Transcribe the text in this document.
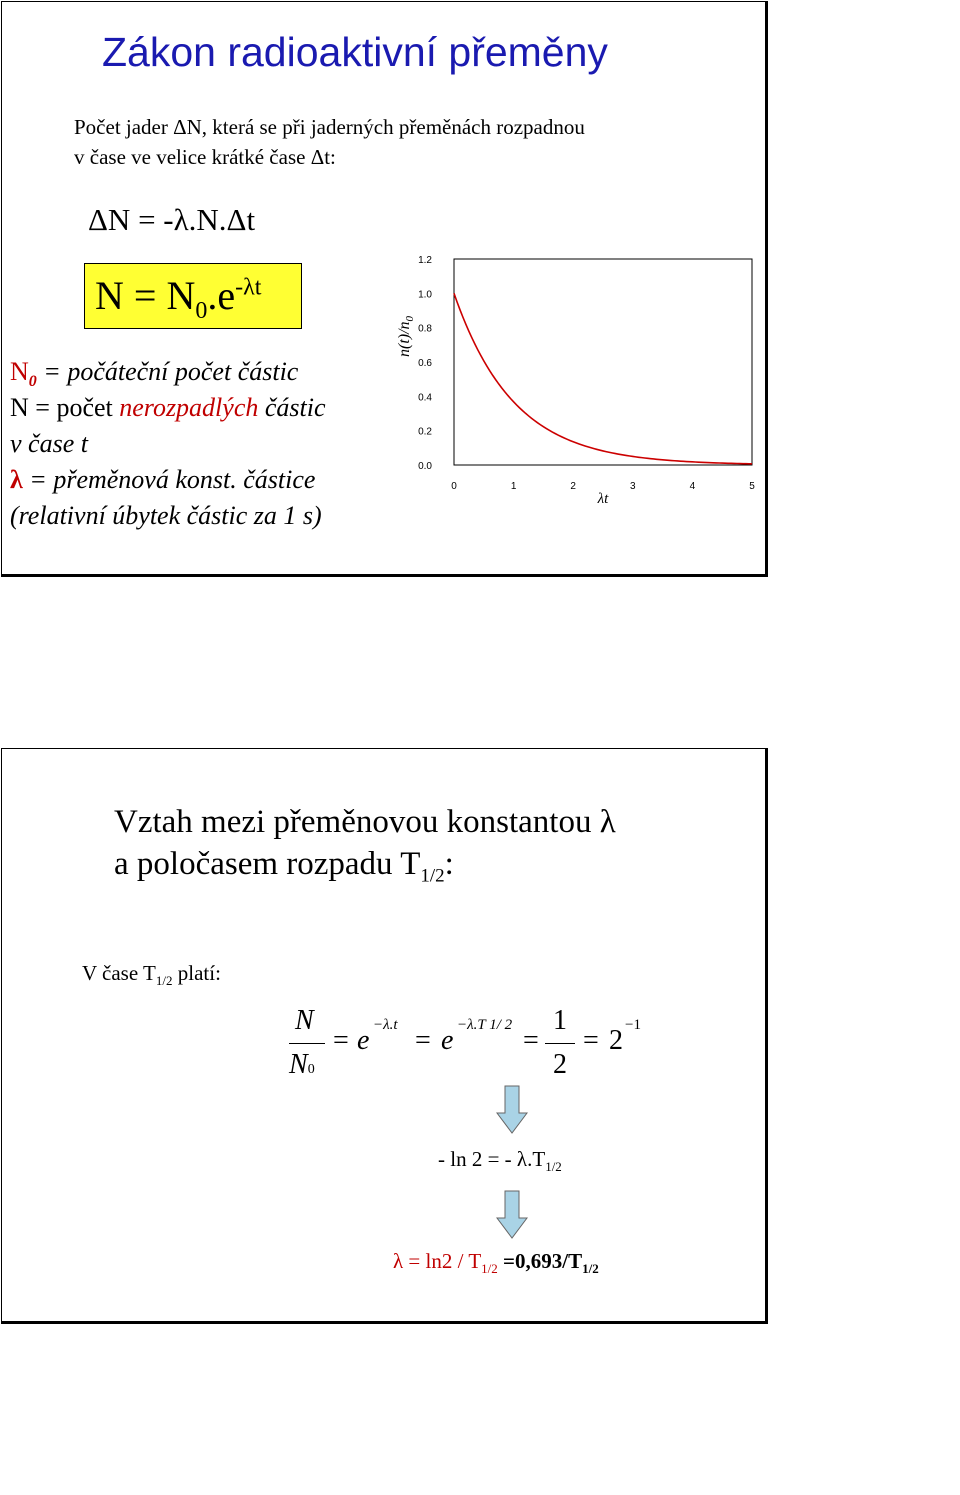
Zákon radioaktivní přeměny
Počet jader ΔN, která se při jaderných přeměnách rozpadnou
v čase ve velice krátké čase Δt:
ΔN = -λ.N.Δt
$N = N_0.e^{-\lambda t}$
$N_0$ = počáteční počet částic
N = počet nerozpadlých částic
v čase t
λ = přeměnová konst. částice
(relativní úbytek částic za 1 s)
0.0
0.2
0.4
0.6
0.8
1.0
1.2
0	1	2	3	4	5
λt
$n(t)/n_0$
Vztah mezi přeměnovou konstantou λ
a poločasem rozpadu $T_{1/2}$:
V čase $T_{1/2}$ platí:
N
N0
= e −λ.t = e −λ.T 1/ 2 =
1
2
= 2 −1
- ln 2 = - $\lambda.T_{1/2}$
$\lambda = \ln 2 / T_{1/2} =0,693/T_{1/2}$
